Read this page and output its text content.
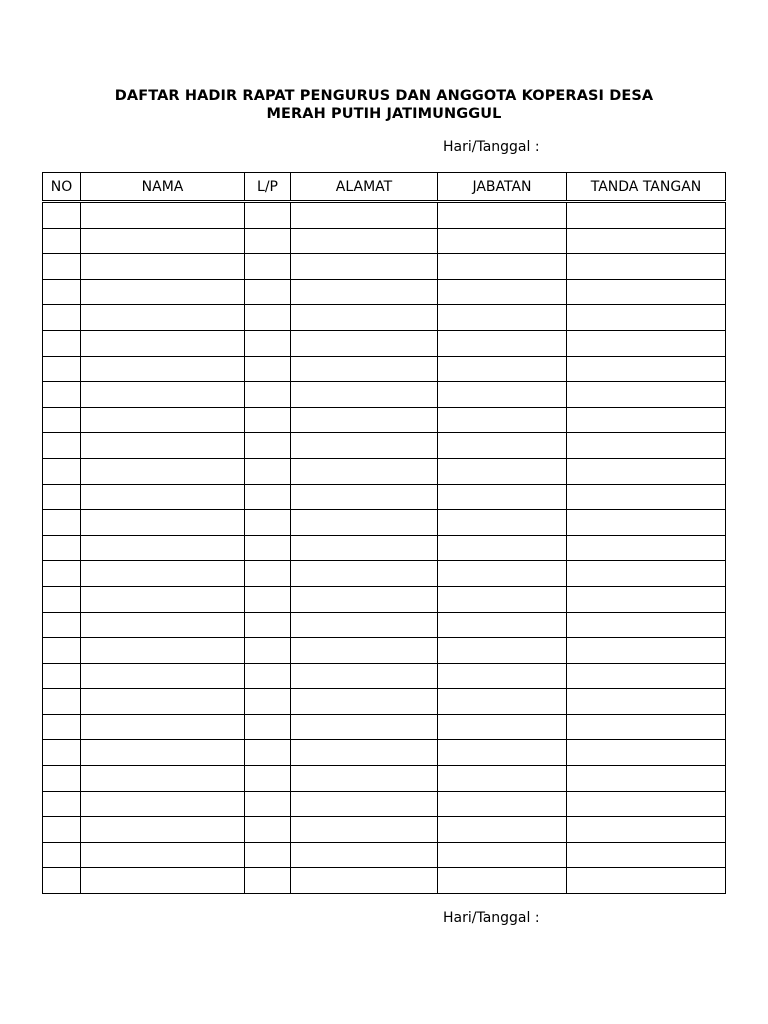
DAFTAR HADIR RAPAT PENGURUS DAN ANGGOTA KOPERASI DESA
MERAH PUTIH JATIMUNGGUL
Hari/Tanggal :
NO	NAMA	L/P	ALAMAT	JABATAN	TANDA TANGAN

Hari/Tanggal :
